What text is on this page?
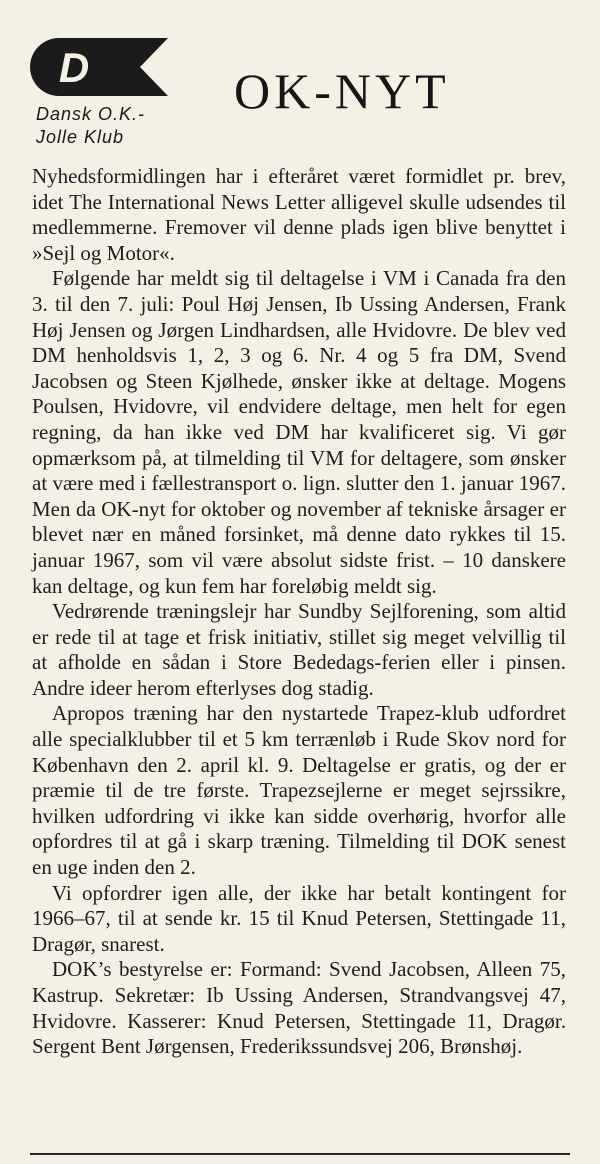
D
Dansk O.K.-
Jolle Klub
OK-NYT

Nyhedsformidlingen har i efteråret været formidlet pr. brev, idet The International News Letter alligevel skulle udsendes til medlemmerne. Fremover vil denne plads igen blive benyttet i »Sejl og Motor«.

Følgende har meldt sig til deltagelse i VM i Canada fra den 3. til den 7. juli: Poul Høj Jensen, Ib Ussing Andersen, Frank Høj Jensen og Jørgen Lindhardsen, alle Hvidovre. De blev ved DM henholdsvis 1, 2, 3 og 6. Nr. 4 og 5 fra DM, Svend Jacobsen og Steen Kjølhede, ønsker ikke at deltage. Mogens Poulsen, Hvidovre, vil endvidere deltage, men helt for egen regning, da han ikke ved DM har kvalificeret sig. Vi gør opmærksom på, at tilmelding til VM for deltagere, som ønsker at være med i fællestransport o. lign. slutter den 1. januar 1967. Men da OK-nyt for oktober og november af tekniske årsager er blevet nær en måned forsinket, må denne dato rykkes til 15. januar 1967, som vil være absolut sidste frist. – 10 danskere kan deltage, og kun fem har foreløbig meldt sig.

Vedrørende træningslejr har Sundby Sejlforening, som altid er rede til at tage et frisk initiativ, stillet sig meget velvillig til at afholde en sådan i Store Bededags-ferien eller i pinsen. Andre ideer herom efterlyses dog stadig.

Apropos træning har den nystartede Trapez-klub udfordret alle specialklubber til et 5 km terrænløb i Rude Skov nord for København den 2. april kl. 9. Deltagelse er gratis, og der er præmie til de tre første. Trapezsejlerne er meget sejrssikre, hvilken udfordring vi ikke kan sidde overhørig, hvorfor alle opfordres til at gå i skarp træning. Tilmelding til DOK senest en uge inden den 2.

Vi opfordrer igen alle, der ikke har betalt kontingent for 1966–67, til at sende kr. 15 til Knud Petersen, Stettingade 11, Dragør, snarest.

DOK’s bestyrelse er: Formand: Svend Jacobsen, Alleen 75, Kastrup. Sekretær: Ib Ussing Andersen, Strandvangsvej 47, Hvidovre. Kasserer: Knud Petersen, Stettingade 11, Dragør. Sergent Bent Jørgensen, Frederikssundsvej 206, Brønshøj.
